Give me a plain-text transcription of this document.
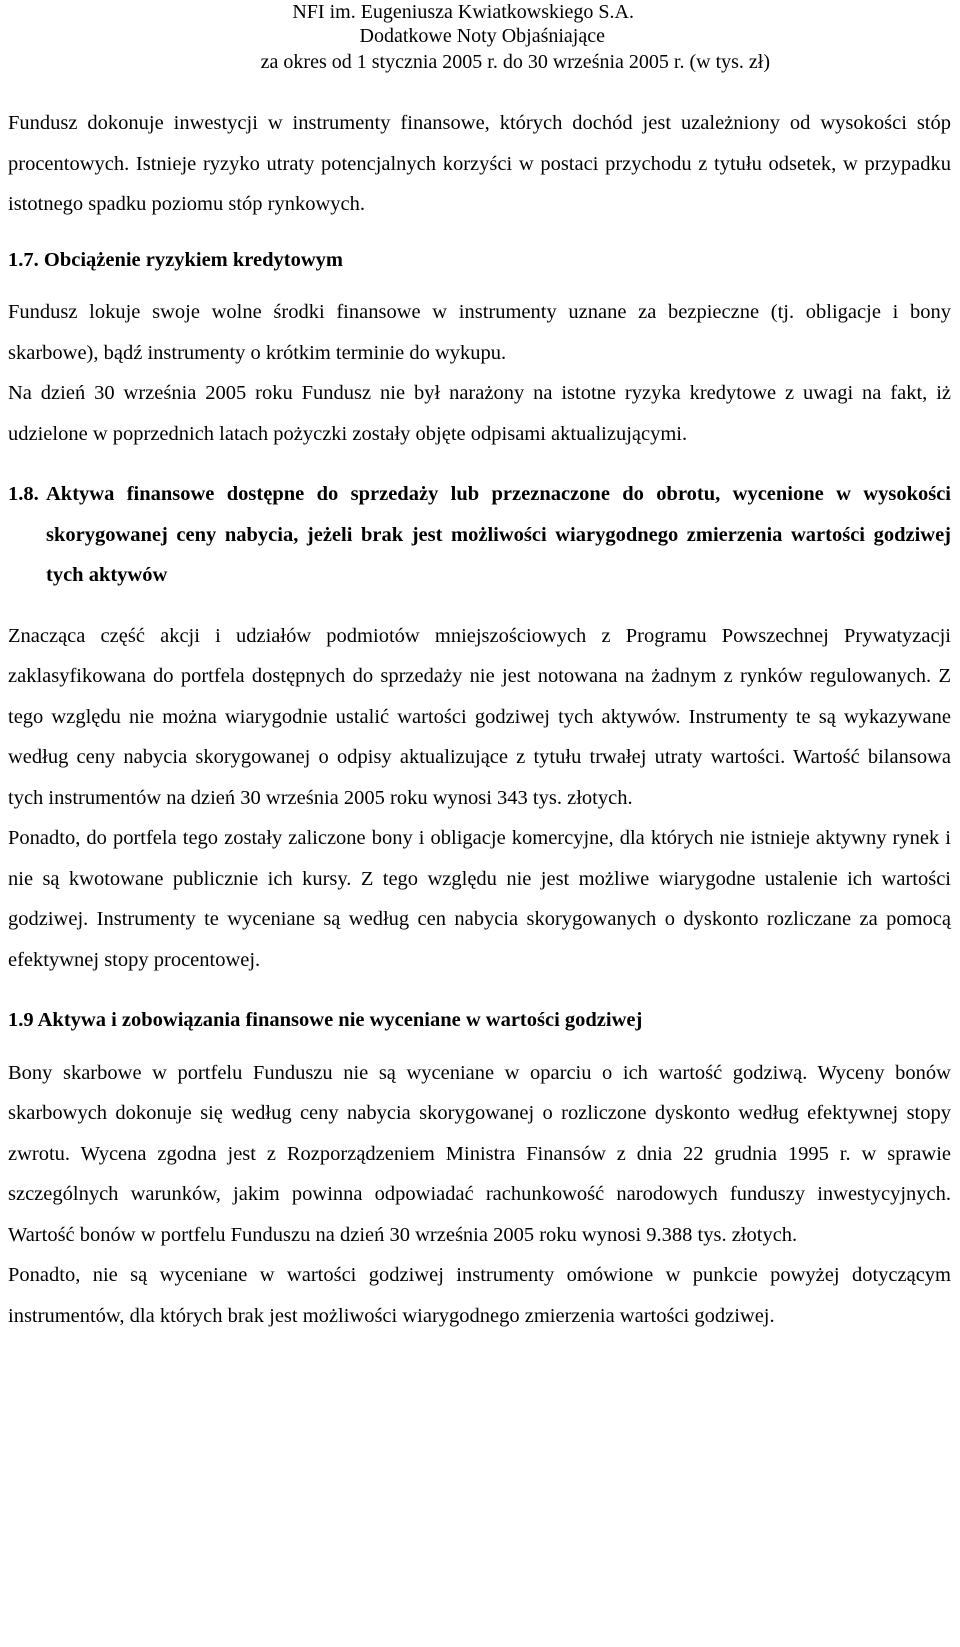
NFI im. Eugeniusza Kwiatkowskiego S.A.
Dodatkowe Noty Objaśniające
za okres od 1 stycznia 2005 r. do 30 września 2005 r. (w tys. zł)

Fundusz dokonuje inwestycji w instrumenty finansowe, których dochód jest uzależniony od wysokości stóp procentowych. Istnieje ryzyko utraty potencjalnych korzyści w postaci przychodu z tytułu odsetek, w przypadku istotnego spadku poziomu stóp rynkowych.

1.7. Obciążenie ryzykiem kredytowym

Fundusz lokuje swoje wolne środki finansowe w instrumenty uznane za bezpieczne (tj. obligacje i bony skarbowe), bądź instrumenty o krótkim terminie do wykupu.

Na dzień 30 września 2005 roku Fundusz nie był narażony na istotne ryzyka kredytowe z uwagi na fakt, iż udzielone w poprzednich latach pożyczki zostały objęte odpisami aktualizującymi.

1.8. Aktywa finansowe dostępne do sprzedaży lub przeznaczone do obrotu, wycenione w wysokości skorygowanej ceny nabycia, jeżeli brak jest możliwości wiarygodnego zmierzenia wartości godziwej tych aktywów

Znacząca część akcji i udziałów podmiotów mniejszościowych z Programu Powszechnej Prywatyzacji zaklasyfikowana do portfela dostępnych do sprzedaży nie jest notowana na żadnym z rynków regulowanych. Z tego względu nie można wiarygodnie ustalić wartości godziwej tych aktywów. Instrumenty te są wykazywane według ceny nabycia skorygowanej o odpisy aktualizujące z tytułu trwałej utraty wartości. Wartość bilansowa tych instrumentów na dzień 30 września 2005 roku wynosi 343 tys. złotych.

Ponadto, do portfela tego zostały zaliczone bony i obligacje komercyjne, dla których nie istnieje aktywny rynek i nie są kwotowane publicznie ich kursy. Z tego względu nie jest możliwe wiarygodne ustalenie ich wartości godziwej. Instrumenty te wyceniane są według cen nabycia skorygowanych o dyskonto rozliczane za pomocą efektywnej stopy procentowej.

1.9 Aktywa i zobowiązania finansowe nie wyceniane w wartości godziwej

Bony skarbowe w portfelu Funduszu nie są wyceniane w oparciu o ich wartość godziwą. Wyceny bonów skarbowych dokonuje się według ceny nabycia skorygowanej o rozliczone dyskonto według efektywnej stopy zwrotu. Wycena zgodna jest z Rozporządzeniem Ministra Finansów z dnia 22 grudnia 1995 r. w sprawie szczególnych warunków, jakim powinna odpowiadać rachunkowość narodowych funduszy inwestycyjnych. Wartość bonów w portfelu Funduszu na dzień 30 września 2005 roku wynosi 9.388 tys. złotych.

Ponadto, nie są wyceniane w wartości godziwej instrumenty omówione w punkcie powyżej dotyczącym instrumentów, dla których brak jest możliwości wiarygodnego zmierzenia wartości godziwej.
